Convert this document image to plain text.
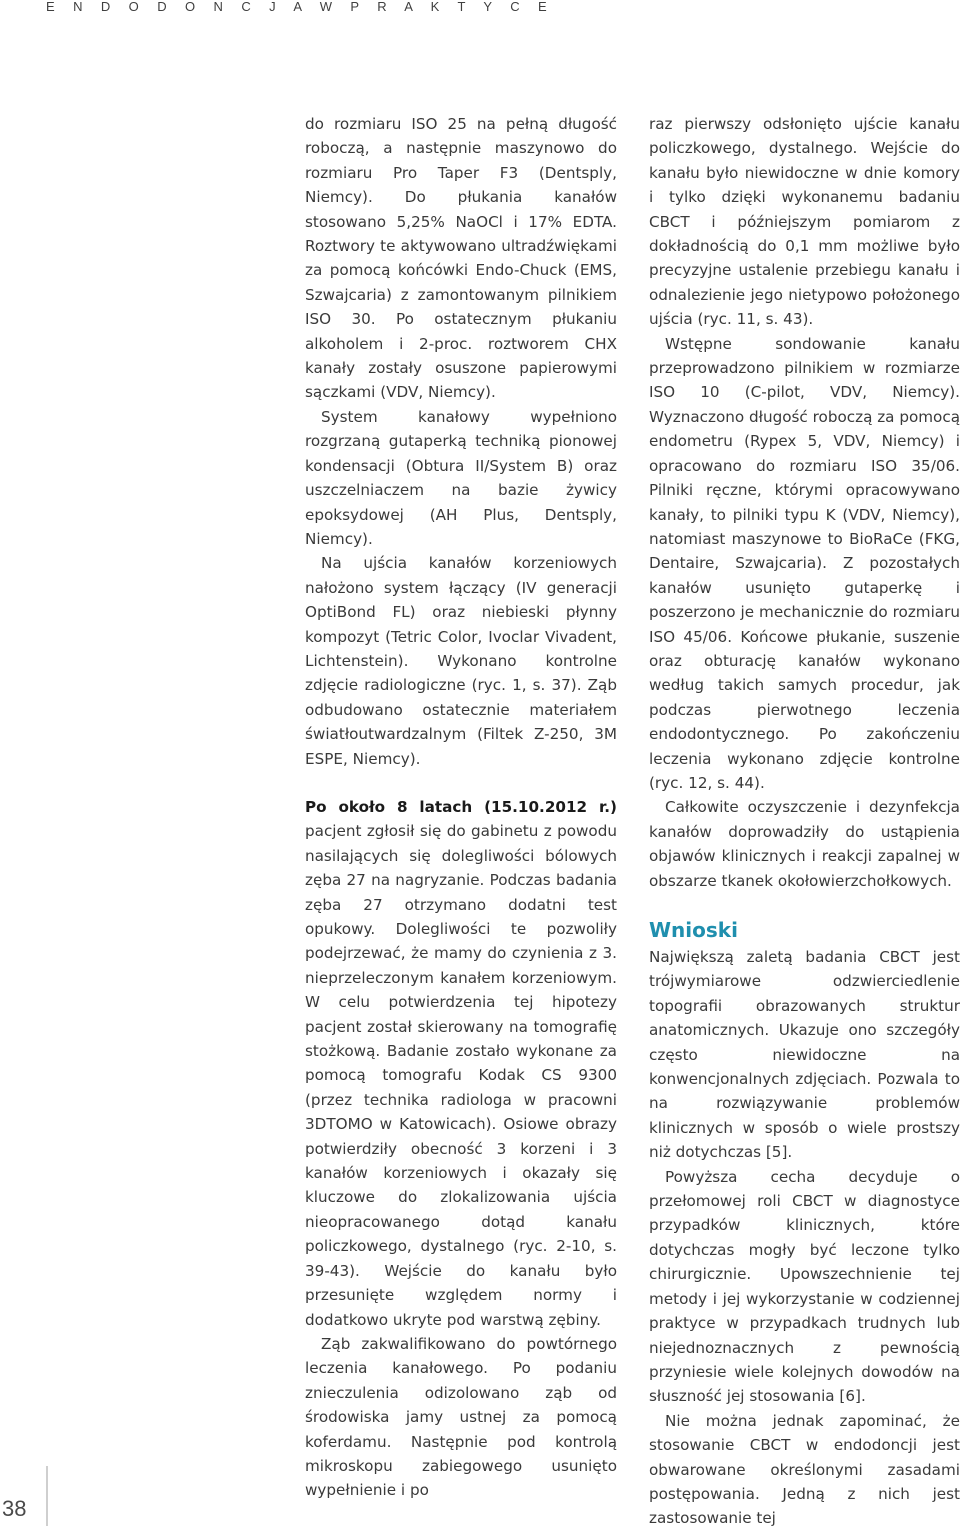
E N D O D O N C J A W P R A K T Y C E

do rozmiaru ISO 25 na pełną długość roboczą, a następnie maszynowo do rozmiaru Pro Taper F3 (Dentsply, Niemcy). Do płukania kanałów stosowano 5,25% NaOCl i 17% EDTA. Roztwory te aktywowano ultradźwiękami za pomocą końcówki Endo-Chuck (EMS, Szwajcaria) z zamontowanym pilnikiem ISO 30. Po ostatecznym płukaniu alkoholem i 2-proc. roztworem CHX kanały zostały osuszone papierowymi sączkami (VDV, Niemcy).

System kanałowy wypełniono rozgrzaną gutaperką techniką pionowej kondensacji (Obtura II/System B) oraz uszczelniaczem na bazie żywicy epoksydowej (AH Plus, Dentsply, Niemcy).

Na ujścia kanałów korzeniowych nałożono system łączący (IV generacji OptiBond FL) oraz niebieski płynny kompozyt (Tetric Color, Ivoclar Vivadent, Lichtenstein). Wykonano kontrolne zdjęcie radiologiczne (ryc. 1, s. 37). Ząb odbudowano ostatecznie materiałem światłoutwardzalnym (Filtek Z-250, 3M ESPE, Niemcy).

Po około 8 latach (15.10.2012 r.) pacjent zgłosił się do gabinetu z powodu nasilających się dolegliwości bólowych zęba 27 na nagryzanie. Podczas badania zęba 27 otrzymano dodatni test opukowy. Dolegliwości te pozwoliły podejrzewać, że mamy do czynienia z 3. nieprzeleczonym kanałem korzeniowym. W celu potwierdzenia tej hipotezy pacjent został skierowany na tomografię stożkową. Badanie zostało wykonane za pomocą tomografu Kodak CS 9300 (przez technika radiologa w pracowni 3DTOMO w Katowicach). Osiowe obrazy potwierdziły obecność 3 korzeni i 3 kanałów korzeniowych i okazały się kluczowe do zlokalizowania ujścia nieopracowanego dotąd kanału policzkowego, dystalnego (ryc. 2-10, s. 39-43). Wejście do kanału było przesunięte względem normy i dodatkowo ukryte pod warstwą zębiny.

Ząb zakwalifikowano do powtórnego leczenia kanałowego. Po podaniu znieczulenia odizolowano ząb od środowiska jamy ustnej za pomocą koferdamu. Następnie pod kontrolą mikroskopu zabiegowego usunięto wypełnienie i po

raz pierwszy odsłonięto ujście kanału policzkowego, dystalnego. Wejście do kanału było niewidoczne w dnie komory i tylko dzięki wykonanemu badaniu CBCT i późniejszym pomiarom z dokładnością do 0,1 mm możliwe było precyzyjne ustalenie przebiegu kanału i odnalezienie jego nietypowo położonego ujścia (ryc. 11, s. 43).

Wstępne sondowanie kanału przeprowadzono pilnikiem w rozmiarze ISO 10 (C-pilot, VDV, Niemcy). Wyznaczono długość roboczą za pomocą endometru (Rypex 5, VDV, Niemcy) i opracowano do rozmiaru ISO 35/06. Pilniki ręczne, którymi opracowywano kanały, to pilniki typu K (VDV, Niemcy), natomiast maszynowe to BioRaCe (FKG, Dentaire, Szwajcaria). Z pozostałych kanałów usunięto gutaperkę i poszerzono je mechanicznie do rozmiaru ISO 45/06. Końcowe płukanie, suszenie oraz obturację kanałów wykonano według takich samych procedur, jak podczas pierwotnego leczenia endodontycznego. Po zakończeniu leczenia wykonano zdjęcie kontrolne (ryc. 12, s. 44).

Całkowite oczyszczenie i dezynfekcja kanałów doprowadziły do ustąpienia objawów klinicznych i reakcji zapalnej w obszarze tkanek okołowierzchołkowych.

Wnioski

Największą zaletą badania CBCT jest trójwymiarowe odzwierciedlenie topografii obrazowanych struktur anatomicznych. Ukazuje ono szczegóły często niewidoczne na konwencjonalnych zdjęciach. Pozwala to na rozwiązywanie problemów klinicznych w sposób o wiele prostszy niż dotychczas [5].

Powyższa cecha decyduje o przełomowej roli CBCT w diagnostyce przypadków klinicznych, które dotychczas mogły być leczone tylko chirurgicznie. Upowszechnienie tej metody i jej wykorzystanie w codziennej praktyce w przypadkach trudnych lub niejednoznacznych z pewnością przyniesie wiele kolejnych dowodów na słuszność jej stosowania [6].

Nie można jednak zapominać, że stosowanie CBCT w endodoncji jest obwarowane określonymi zasadami postępowania. Jedną z nich jest zastosowanie tej

38
